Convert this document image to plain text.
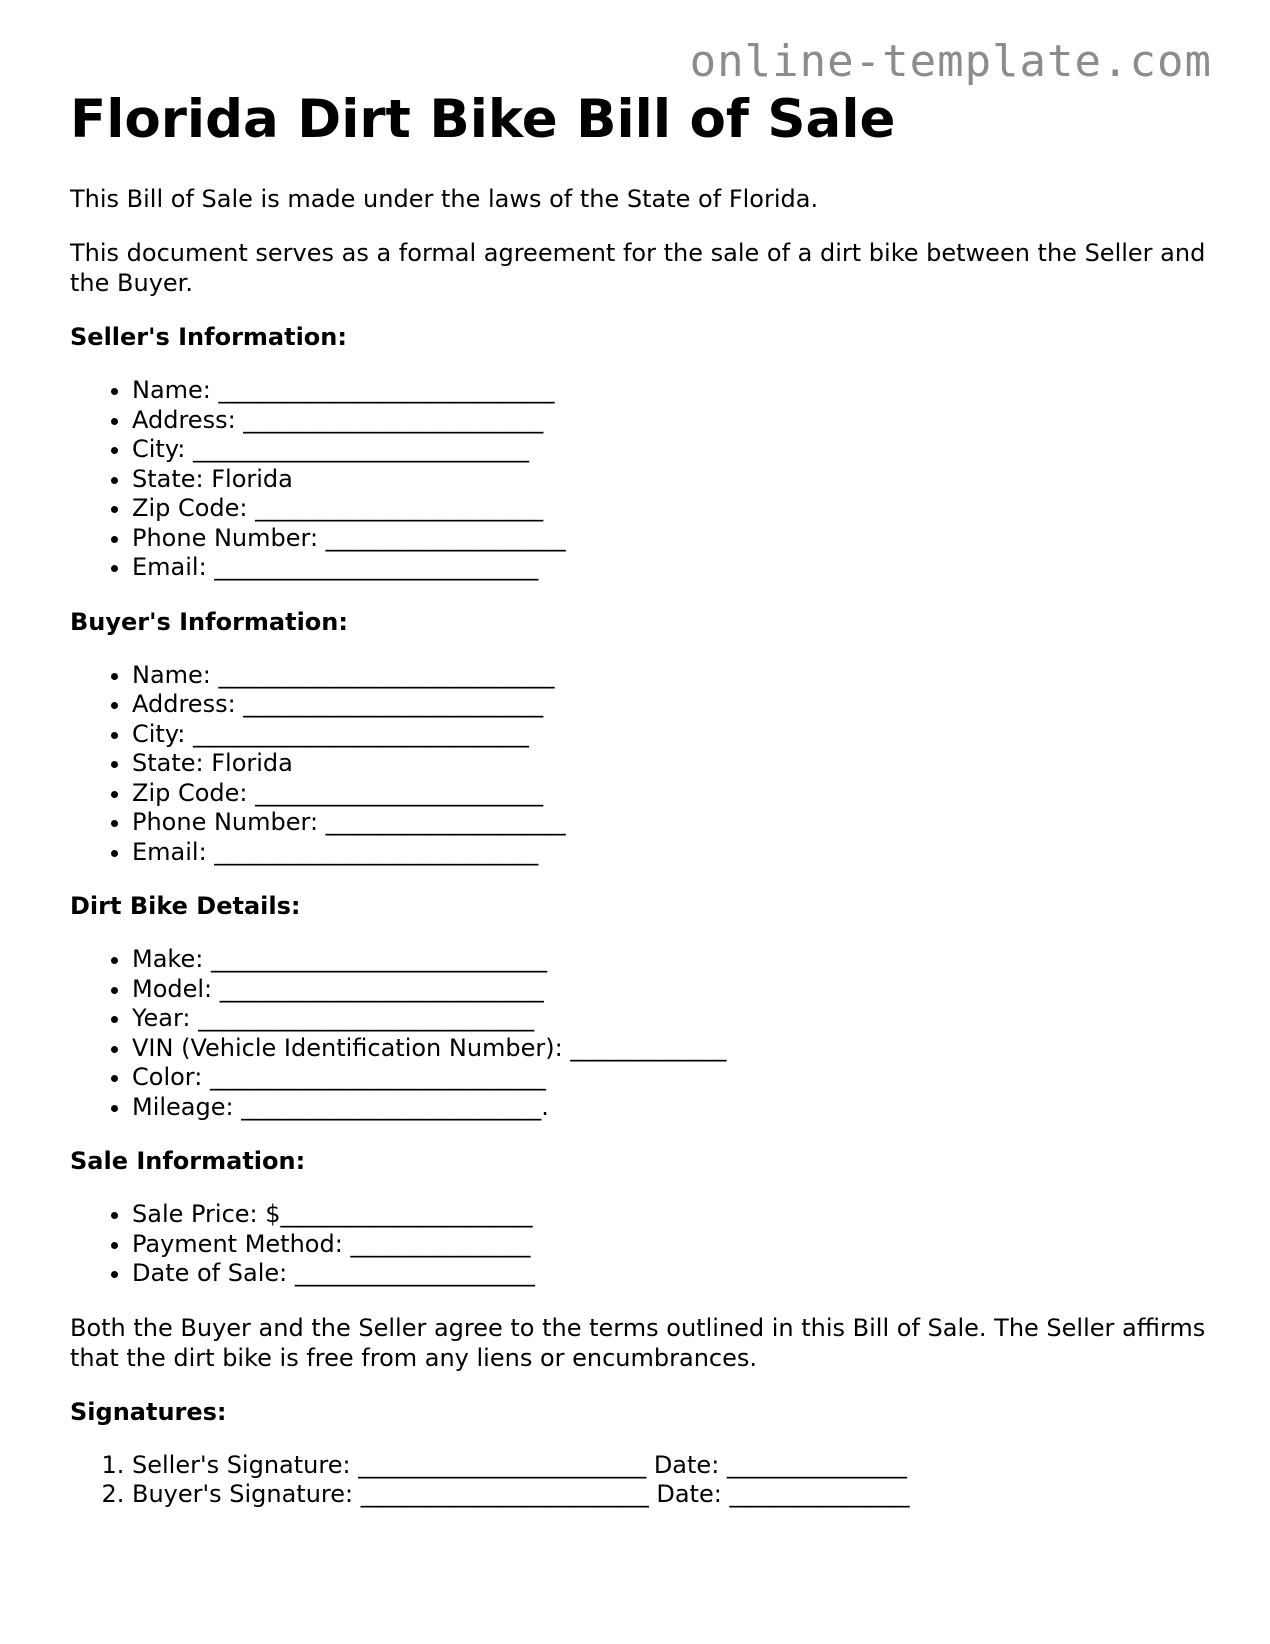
online-template.com
Florida Dirt Bike Bill of Sale

This Bill of Sale is made under the laws of the State of Florida.

This document serves as a formal agreement for the sale of a dirt bike between the Seller and the Buyer.

Seller's Information:
• Name: ____________________________
• Address: _________________________
• City: ____________________________
• State: Florida
• Zip Code: ________________________
• Phone Number: ____________________
• Email: ___________________________
Buyer's Information:
• Name: ____________________________
• Address: _________________________
• City: ____________________________
• State: Florida
• Zip Code: ________________________
• Phone Number: ____________________
• Email: ___________________________
Dirt Bike Details:
• Make: ____________________________
• Model: ___________________________
• Year: ____________________________
• VIN (Vehicle Identification Number): _____________
• Color: ____________________________
• Mileage: _________________________.
Sale Information:
• Sale Price: $_____________________
• Payment Method: _______________
• Date of Sale: ____________________

Both the Buyer and the Seller agree to the terms outlined in this Bill of Sale. The Seller affirms that the dirt bike is free from any liens or encumbrances.

Signatures:
1. Seller's Signature: ________________________ Date: _______________
2. Buyer's Signature: ________________________ Date: _______________
